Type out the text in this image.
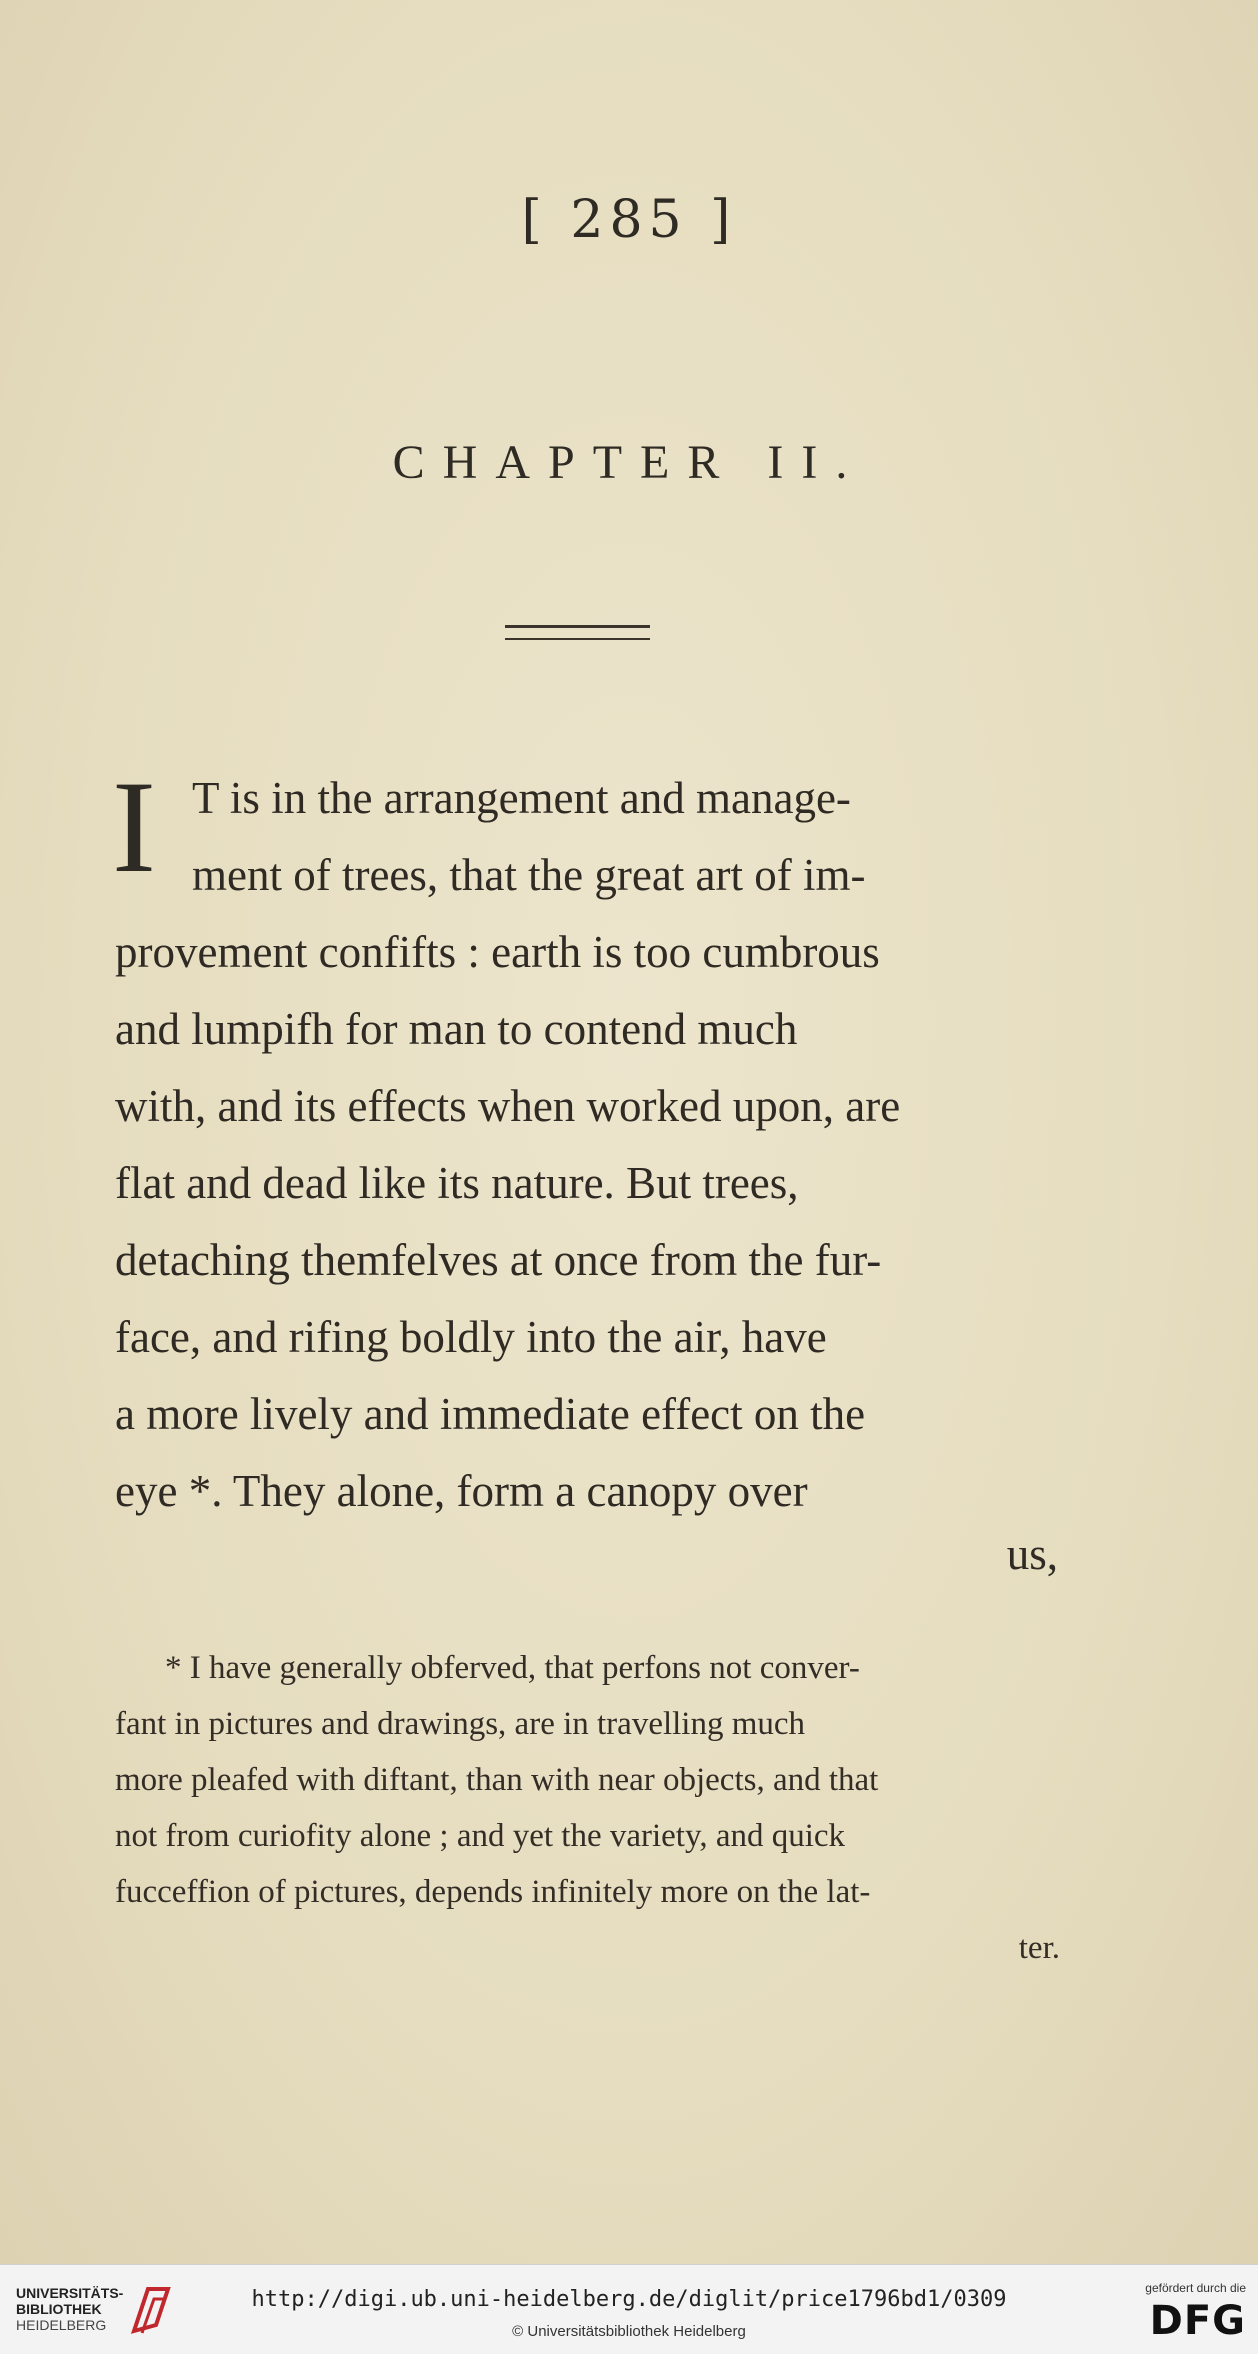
[ 285 ]
CHAPTER II.
I T is in the arrangement and manage-
ment of trees, that the great art of im-
provement confifts : earth is too cumbrous
and lumpifh for man to contend much
with, and its effects when worked upon, are
flat and dead like its nature. But trees,
detaching themfelves at once from the fur-
face, and rifing boldly into the air, have
a more lively and immediate effect on the
eye *. They alone, form a canopy over
us,
* I have generally obferved, that perfons not conver-
fant in pictures and drawings, are in travelling much
more pleafed with diftant, than with near objects, and that
not from curiofity alone ; and yet the variety, and quick
fucceffion of pictures, depends infinitely more on the lat-
ter.
UNIVERSITÄTS-
BIBLIOTHEK
HEIDELBERG
http://digi.ub.uni-heidelberg.de/diglit/price1796bd1/0309
© Universitätsbibliothek Heidelberg
gefördert durch die
DFG
